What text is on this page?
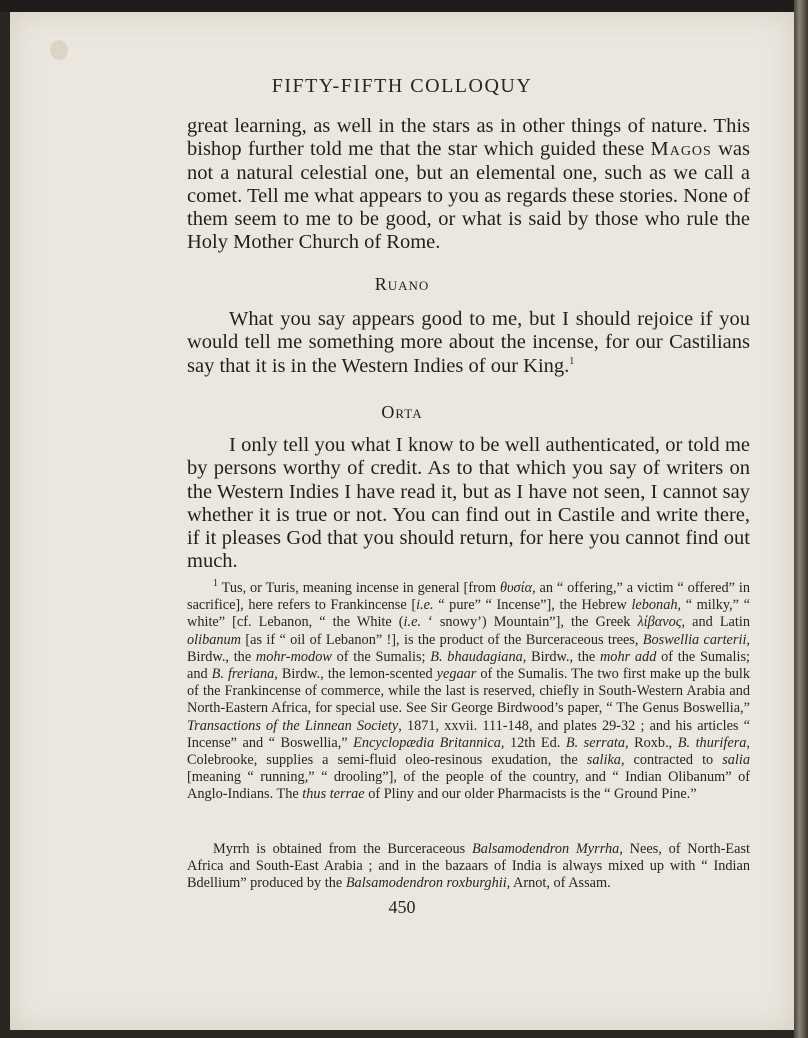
FIFTY-FIFTH COLLOQUY
great learning, as well in the stars as in other things of nature. This bishop further told me that the star which guided these Magos was not a natural celestial one, but an elemental one, such as we call a comet. Tell me what appears to you as regards these stories. None of them seem to me to be good, or what is said by those who rule the Holy Mother Church of Rome.
Ruano
What you say appears good to me, but I should rejoice if you would tell me something more about the incense, for our Castilians say that it is in the Western Indies of our King.$^1$
Orta
I only tell you what I know to be well authenticated, or told me by persons worthy of credit. As to that which you say of writers on the Western Indies I have read it, but as I have not seen, I cannot say whether it is true or not. You can find out in Castile and write there, if it pleases God that you should return, for here you cannot find out much.
$^1$ Tus, or Turis, meaning incense in general [from θυσία, an “ offering,” a victim “ offered” in sacrifice], here refers to Frankincense [i.e. “ pure” “ Incense”], the Hebrew lebonah, “ milky,” “ white” [cf. Lebanon, “ the White (i.e. ‘ snowy’) Mountain”], the Greek λίβανος, and Latin olibanum [as if “ oil of Lebanon” !], is the product of the Burceraceous trees, Boswellia carterii, Birdw., the mohr-modow of the Sumalis; B. bhaudagiana, Birdw., the mohr add of the Sumalis; and B. freriana, Birdw., the lemon-scented yegaar of the Sumalis. The two first make up the bulk of the Frankincense of commerce, while the last is reserved, chiefly in South-Western Arabia and North-Eastern Africa, for special use. See Sir George Birdwood’s paper, “ The Genus Boswellia,” Transactions of the Linnean Society, 1871, xxvii. 111-148, and plates 29-32 ; and his articles “ Incense” and “ Boswellia,” Encyclopædia Britannica, 12th Ed. B. serrata, Roxb., B. thurifera, Colebrooke, supplies a semi-fluid oleo-resinous exudation, the salika, contracted to salia [meaning “ running,” “ drooling”], of the people of the country, and “ Indian Olibanum” of Anglo-Indians. The thus terrae of Pliny and our older Pharmacists is the “ Ground Pine.”
Myrrh is obtained from the Burceraceous Balsamodendron Myrrha, Nees, of North-East Africa and South-East Arabia ; and in the bazaars of India is always mixed up with “ Indian Bdellium” produced by the Balsamodendron roxburghii, Arnot, of Assam.
450
